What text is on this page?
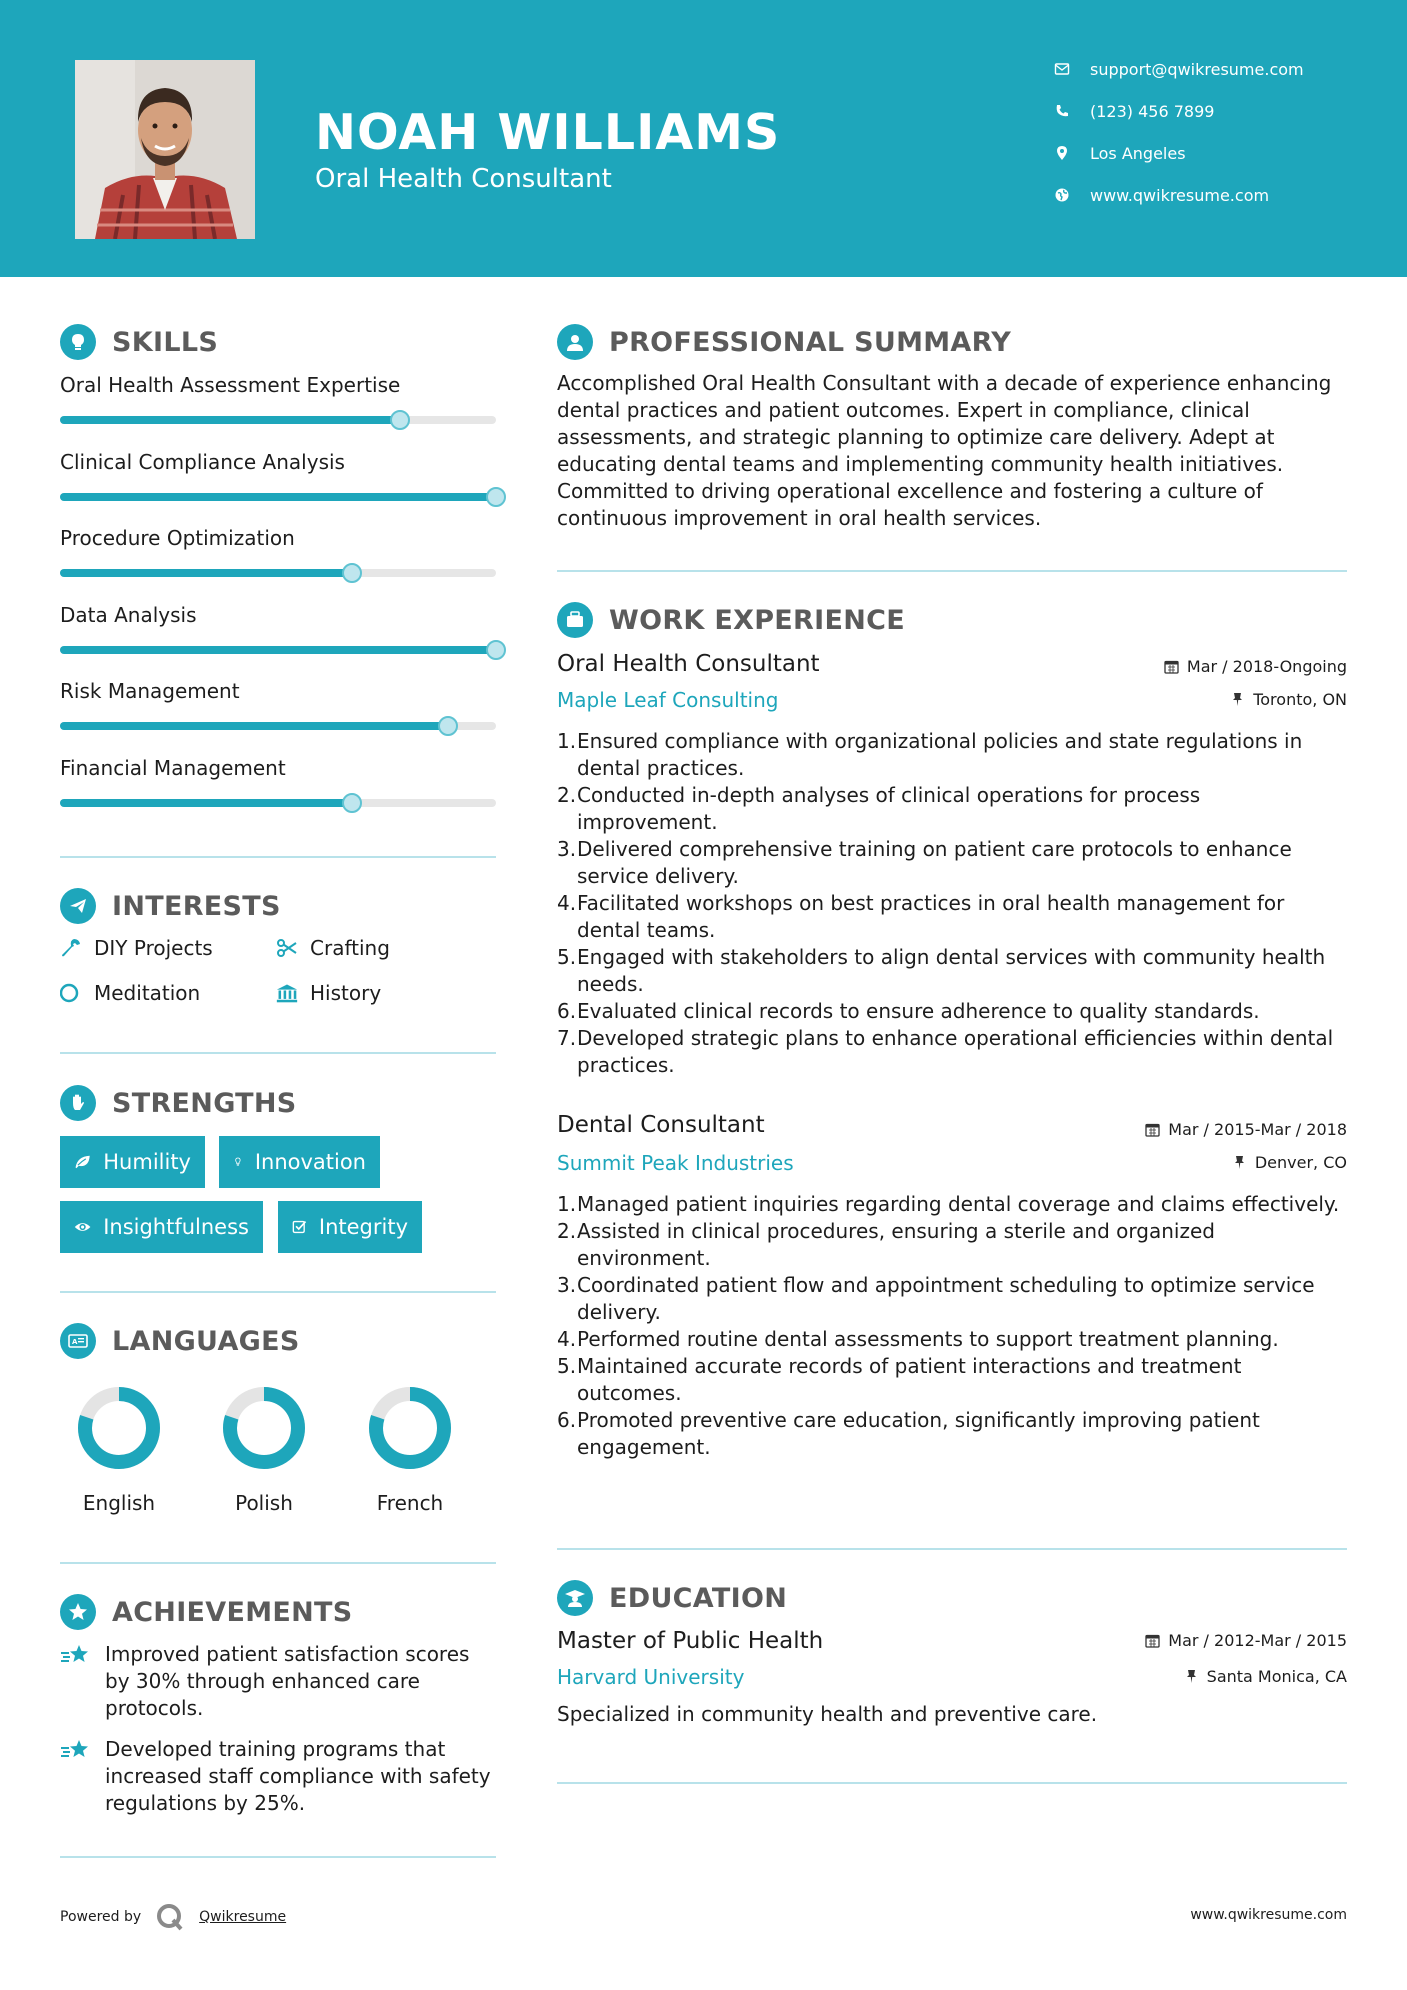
NOAH WILLIAMS
Oral Health Consultant
support@qwikresume.com
(123) 456 7899
Los Angeles
www.qwikresume.com
SKILLS
Oral Health Assessment Expertise
Clinical Compliance Analysis
Procedure Optimization
Data Analysis
Risk Management
Financial Management
INTERESTS
DIY Projects	Crafting
Meditation	History
STRENGTHS
Humility	Innovation
Insightfulness	Integrity
A LANGUAGES
English	Polish	French
ACHIEVEMENTS
Improved patient satisfaction scores by 30% through enhanced care protocols.
Developed training programs that increased staff compliance with safety regulations by 25%.
PROFESSIONAL SUMMARY
Accomplished Oral Health Consultant with a decade of experience enhancing dental practices and patient outcomes. Expert in compliance, clinical assessments, and strategic planning to optimize care delivery. Adept at educating dental teams and implementing community health initiatives. Committed to driving operational excellence and fostering a culture of continuous improvement in oral health services.
WORK EXPERIENCE
Oral Health Consultant	Mar / 2018-Ongoing
Maple Leaf Consulting	Toronto, ON
1. Ensured compliance with organizational policies and state regulations in dental practices.
2. Conducted in-depth analyses of clinical operations for process improvement.
3. Delivered comprehensive training on patient care protocols to enhance service delivery.
4. Facilitated workshops on best practices in oral health management for dental teams.
5. Engaged with stakeholders to align dental services with community health needs.
6. Evaluated clinical records to ensure adherence to quality standards.
7. Developed strategic plans to enhance operational efficiencies within dental practices.
Dental Consultant	Mar / 2015-Mar / 2018
Summit Peak Industries	Denver, CO
1. Managed patient inquiries regarding dental coverage and claims effectively.
2. Assisted in clinical procedures, ensuring a sterile and organized environment.
3. Coordinated patient flow and appointment scheduling to optimize service delivery.
4. Performed routine dental assessments to support treatment planning.
5. Maintained accurate records of patient interactions and treatment outcomes.
6. Promoted preventive care education, significantly improving patient engagement.
EDUCATION
Master of Public Health	Mar / 2012-Mar / 2015
Harvard University	Santa Monica, CA
Specialized in community health and preventive care.
Powered by	Qwikresume	www.qwikresume.com
